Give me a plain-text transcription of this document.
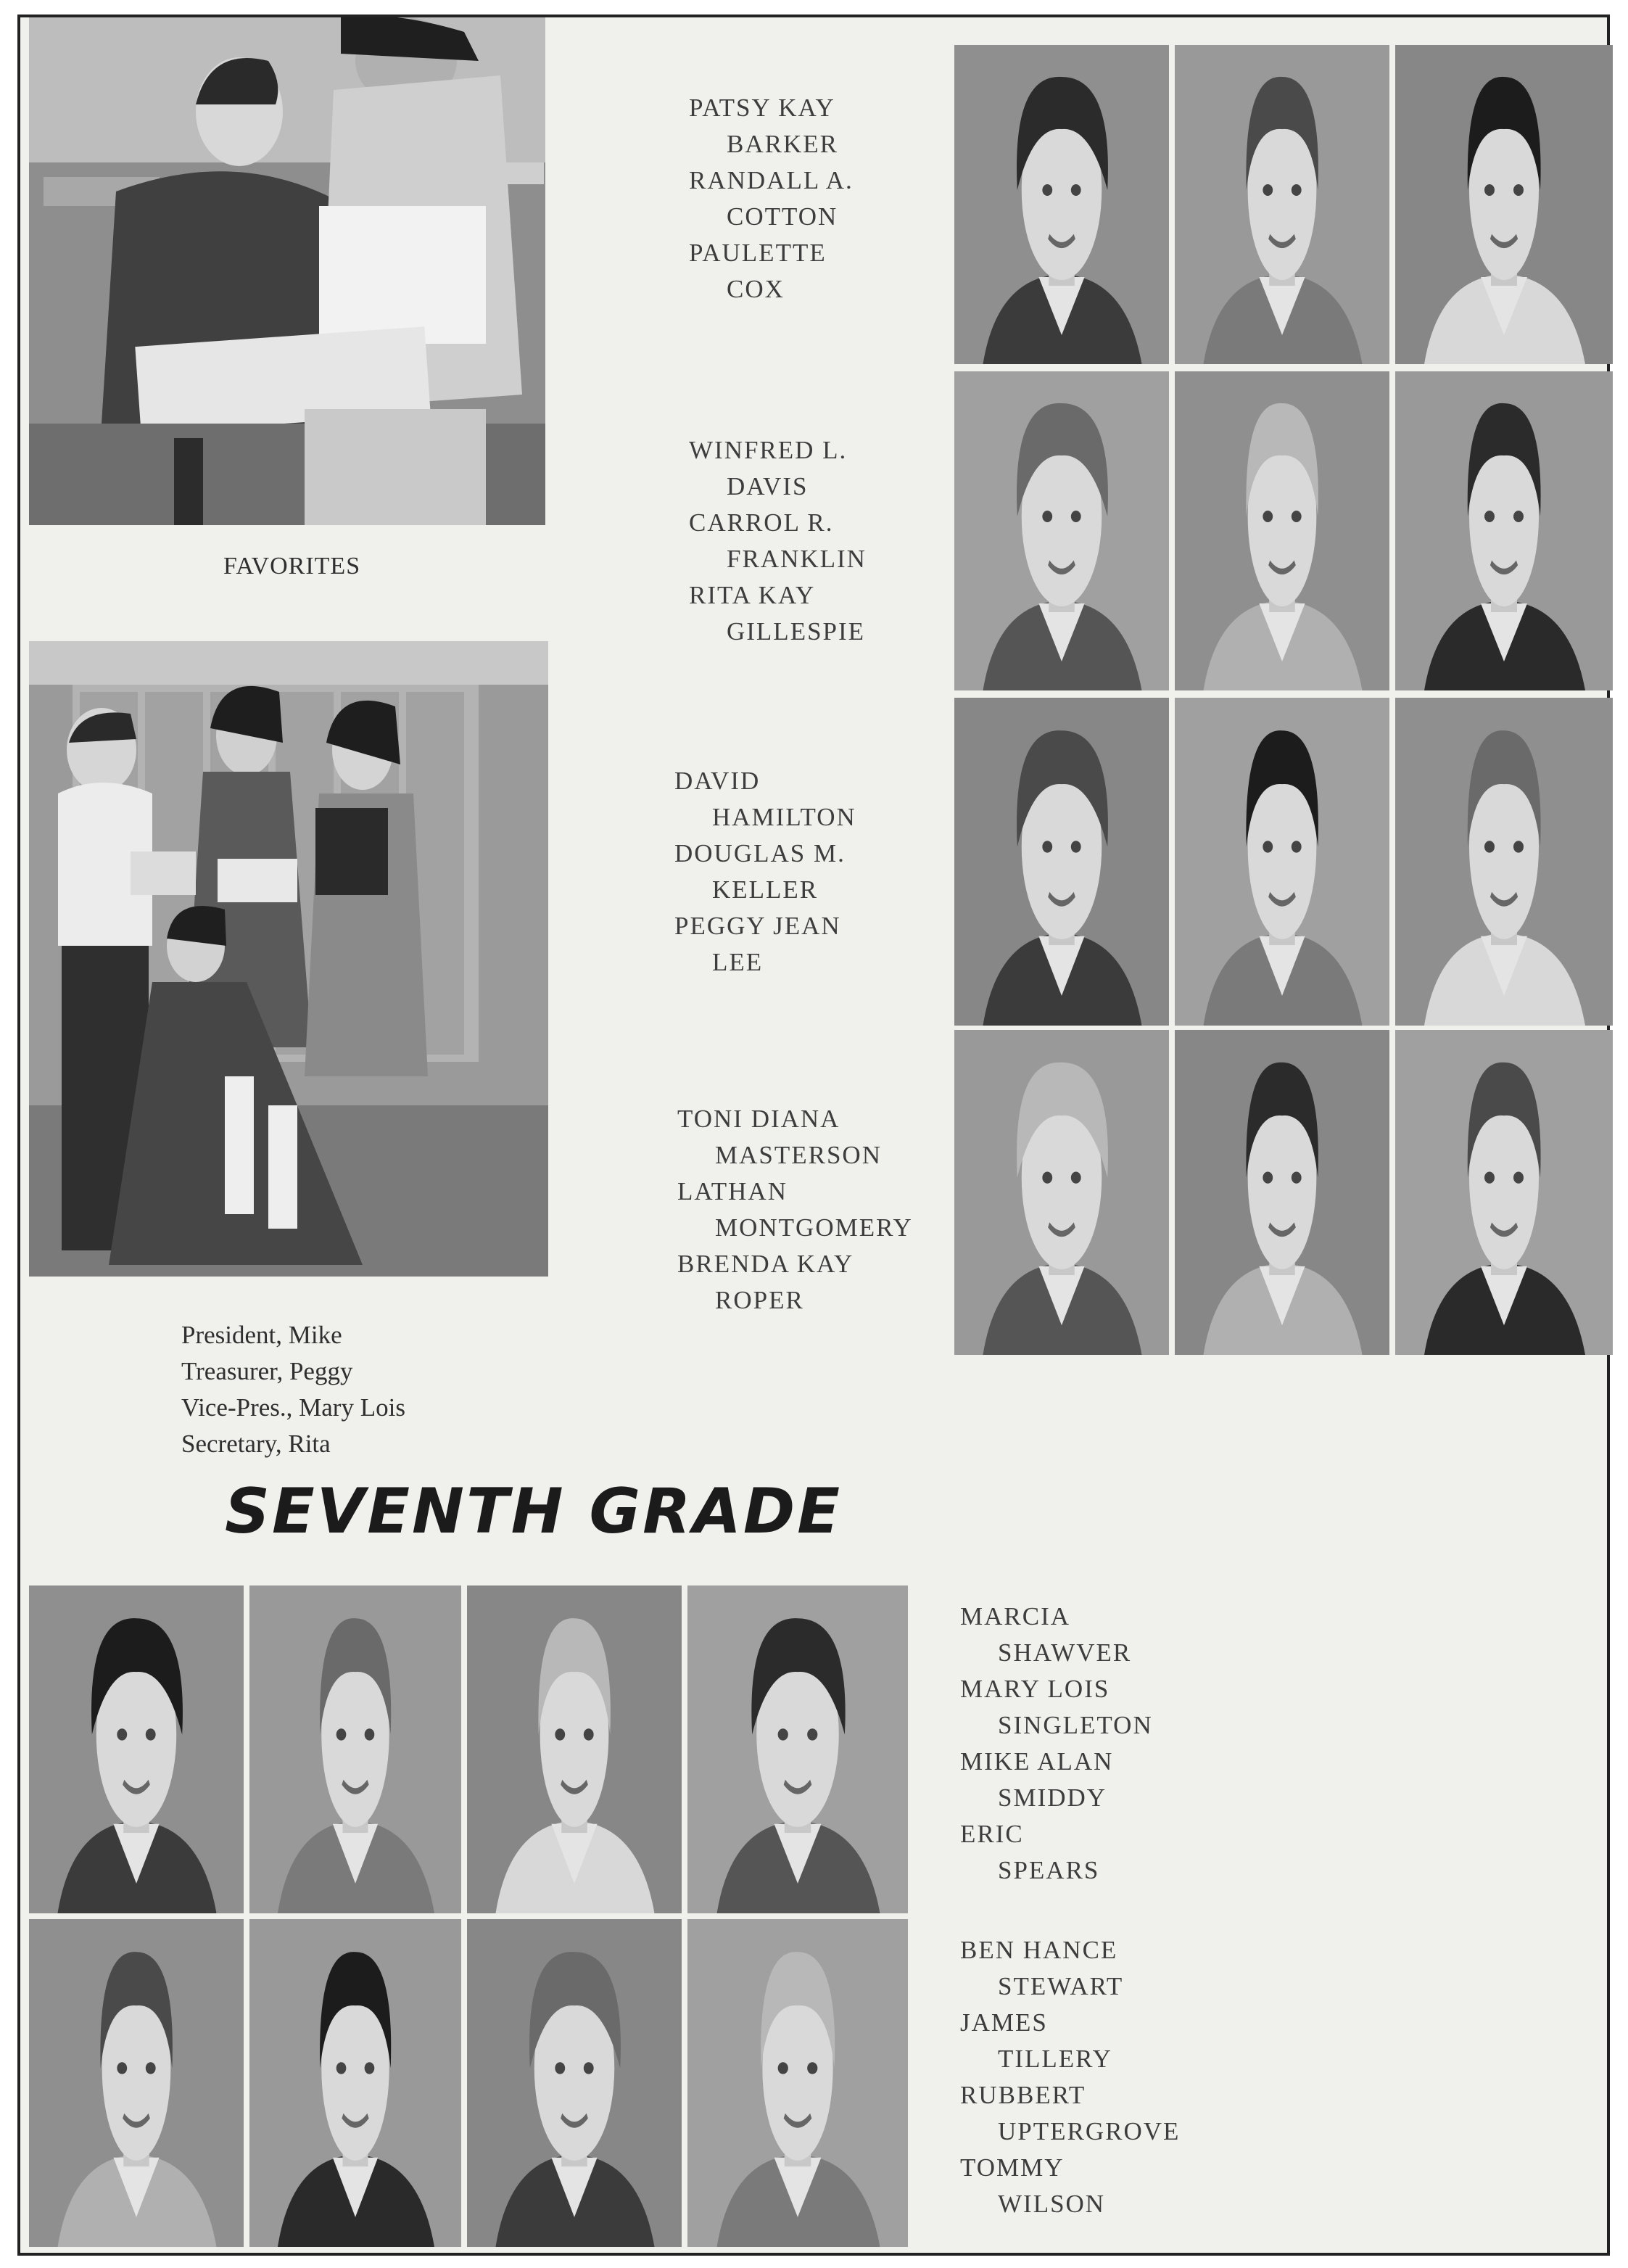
FAVORITES
President, Mike
Treasurer, Peggy
Vice-Pres., Mary Lois
Secretary, Rita
SEVENTH GRADE
PATSY KAY
BARKER
RANDALL A.
COTTON
PAULETTE
COX
WINFRED L.
DAVIS
CARROL R.
FRANKLIN
RITA KAY
GILLESPIE
DAVID
HAMILTON
DOUGLAS M.
KELLER
PEGGY JEAN
LEE
TONI DIANA
MASTERSON
LATHAN
MONTGOMERY
BRENDA KAY
ROPER
MARCIA
SHAWVER
MARY LOIS
SINGLETON
MIKE ALAN
SMIDDY
ERIC
SPEARS
BEN HANCE
STEWART
JAMES
TILLERY
RUBBERT
UPTERGROVE
TOMMY
WILSON
